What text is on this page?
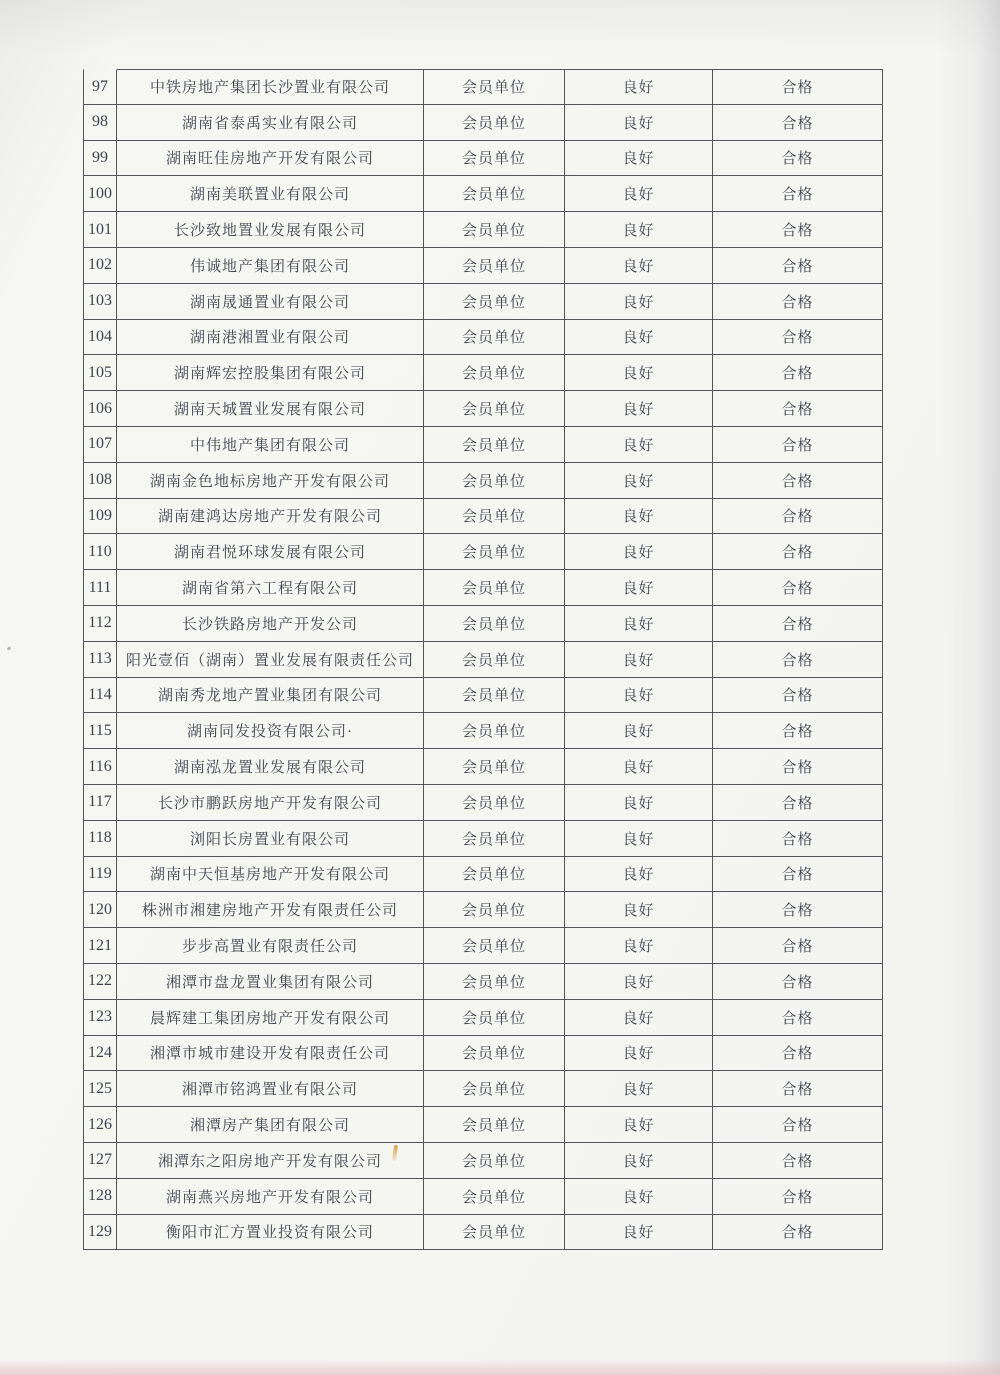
97	中铁房地产集团长沙置业有限公司	会员单位	良好	合格
98	湖南省泰禹实业有限公司	会员单位	良好	合格
99	湖南旺佳房地产开发有限公司	会员单位	良好	合格
100	湖南美联置业有限公司	会员单位	良好	合格
101	长沙致地置业发展有限公司	会员单位	良好	合格
102	伟诚地产集团有限公司	会员单位	良好	合格
103	湖南晟通置业有限公司	会员单位	良好	合格
104	湖南港湘置业有限公司	会员单位	良好	合格
105	湖南辉宏控股集团有限公司	会员单位	良好	合格
106	湖南天城置业发展有限公司	会员单位	良好	合格
107	中伟地产集团有限公司	会员单位	良好	合格
108	湖南金色地标房地产开发有限公司	会员单位	良好	合格
109	湖南建鸿达房地产开发有限公司	会员单位	良好	合格
110	湖南君悦环球发展有限公司	会员单位	良好	合格
111	湖南省第六工程有限公司	会员单位	良好	合格
112	长沙铁路房地产开发公司	会员单位	良好	合格
113	阳光壹佰（湖南）置业发展有限责任公司	会员单位	良好	合格
114	湖南秀龙地产置业集团有限公司	会员单位	良好	合格
115	湖南同发投资有限公司·	会员单位	良好	合格
116	湖南泓龙置业发展有限公司	会员单位	良好	合格
117	长沙市鹏跃房地产开发有限公司	会员单位	良好	合格
118	浏阳长房置业有限公司	会员单位	良好	合格
119	湖南中天恒基房地产开发有限公司	会员单位	良好	合格
120	株洲市湘建房地产开发有限责任公司	会员单位	良好	合格
121	步步高置业有限责任公司	会员单位	良好	合格
122	湘潭市盘龙置业集团有限公司	会员单位	良好	合格
123	晨辉建工集团房地产开发有限公司	会员单位	良好	合格
124	湘潭市城市建设开发有限责任公司	会员单位	良好	合格
125	湘潭市铭鸿置业有限公司	会员单位	良好	合格
126	湘潭房产集团有限公司	会员单位	良好	合格
127	湘潭东之阳房地产开发有限公司	会员单位	良好	合格
128	湖南燕兴房地产开发有限公司	会员单位	良好	合格
129	衡阳市汇方置业投资有限公司	会员单位	良好	合格
